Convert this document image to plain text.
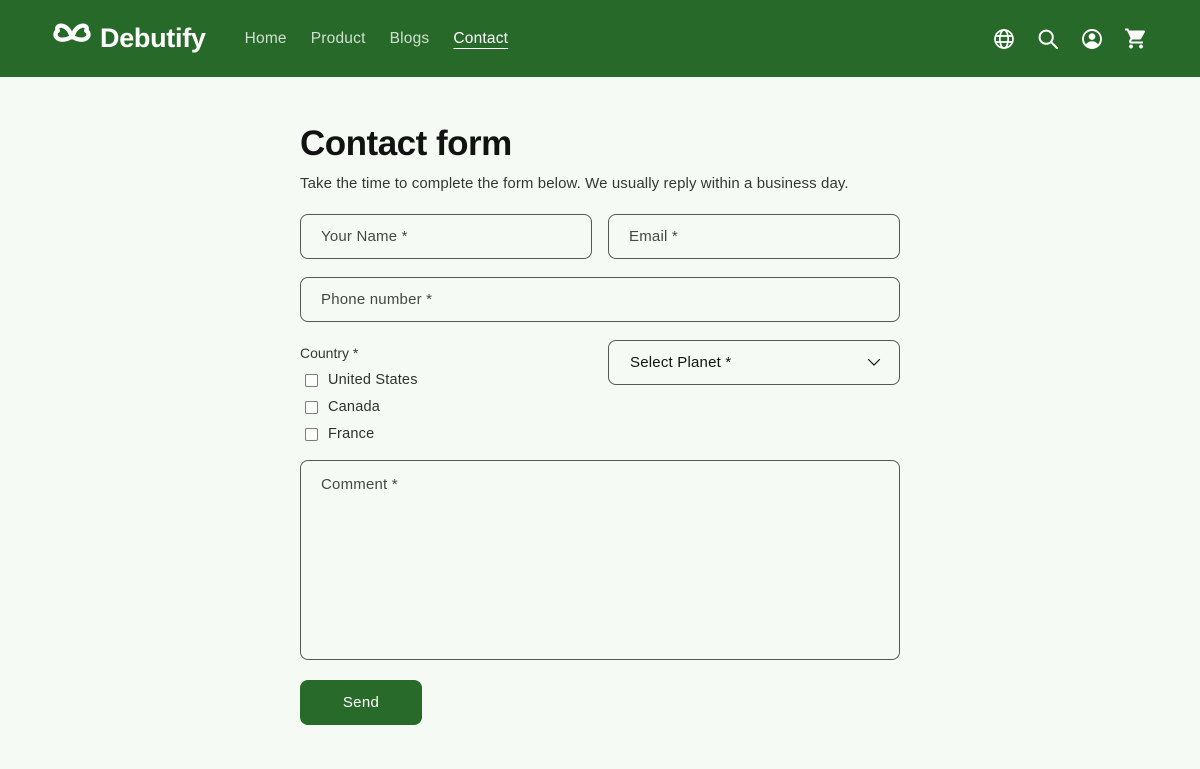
Debutify	Home Product Blogs Contact
Contact form

Take the time to complete the form below. We usually reply within a business day.

Your Name *
Email *
Phone number *
Country *
United States
Canada
France
Select Planet *
Comment *
Send
